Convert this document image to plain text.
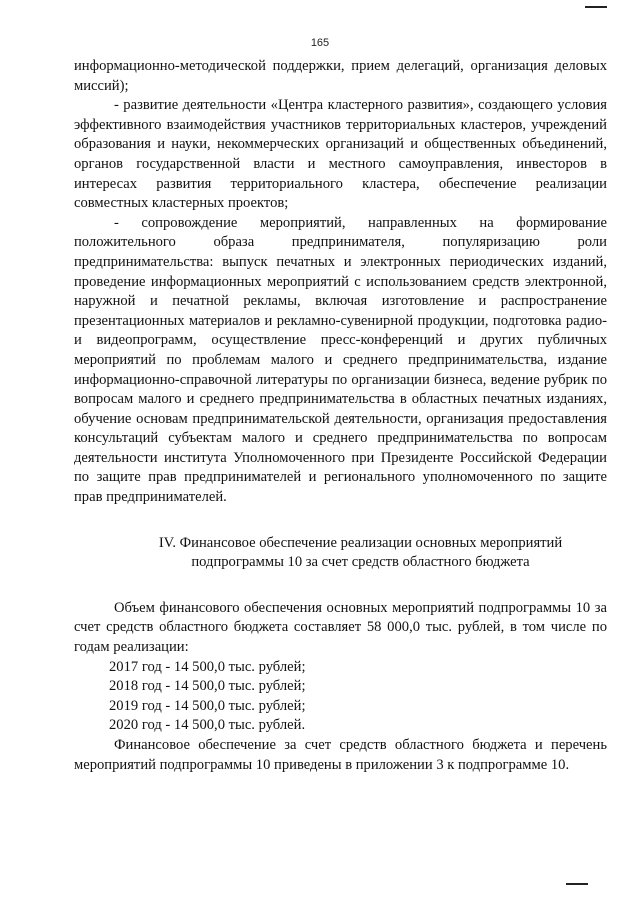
165

информационно-методической поддержки, прием делегаций, организация деловых миссий);

- развитие деятельности «Центра кластерного развития», создающего условия эффективного взаимодействия участников территориальных кластеров, учреждений образования и науки, некоммерческих организаций и общественных объединений, органов государственной власти и местного самоуправления, инвесторов в интересах развития территориального кластера, обеспечение реализации совместных кластерных проектов;

- сопровождение мероприятий, направленных на формирование положительного образа предпринимателя, популяризацию роли предпринимательства: выпуск печатных и электронных периодических изданий, проведение информационных мероприятий с использованием средств электронной, наружной и печатной рекламы, включая изготовление и распространение презентационных материалов и рекламно-сувенирной продукции, подготовка радио- и видеопрограмм, осуществление пресс-конференций и других публичных мероприятий по проблемам малого и среднего предпринимательства, издание информационно-справочной литературы по организации бизнеса, ведение рубрик по вопросам малого и среднего предпринимательства в областных печатных изданиях, обучение основам предпринимательской деятельности, организация предоставления консультаций субъектам малого и среднего предпринимательства по вопросам деятельности института Уполномоченного при Президенте Российской Федерации по защите прав предпринимателей и регионального уполномоченного по защите прав предпринимателей.

IV. Финансовое обеспечение реализации основных мероприятий
подпрограммы 10 за счет средств областного бюджета

Объем финансового обеспечения основных мероприятий подпрограммы 10 за счет средств областного бюджета составляет 58 000,0 тыс. рублей, в том числе по годам реализации:

2017 год - 14 500,0 тыс. рублей;

2018 год - 14 500,0 тыс. рублей;

2019 год - 14 500,0 тыс. рублей;

2020 год - 14 500,0 тыс. рублей.

Финансовое обеспечение за счет средств областного бюджета и перечень мероприятий подпрограммы 10 приведены в приложении 3 к подпрограмме 10.
